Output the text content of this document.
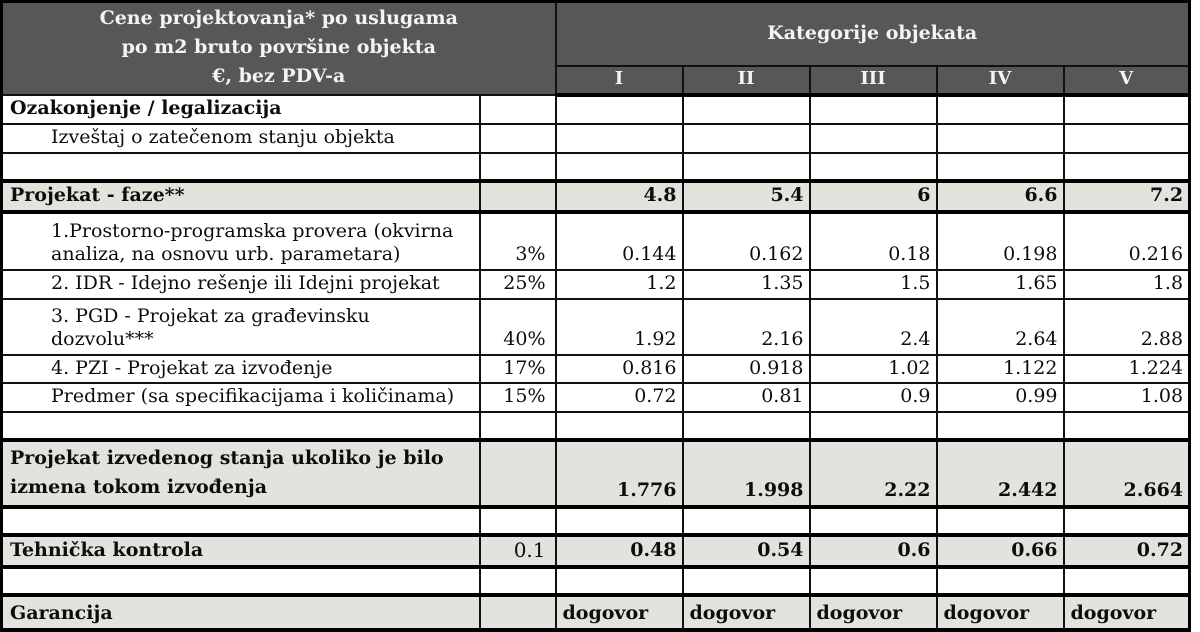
Cene projektovanja* po uslugama
po m2 bruto površine objekta
€, bez PDV-a		Kategorije objekata				
		I	II	III	IV	V
Ozakonjenje / legalizacija						
Izveštaj o zatečenom stanju objekta						

Projekat - faze**		4.8	5.4	6	6.6	7.2
1.Prostorno-programska provera (okvirna analiza, na osnovu urb. parametara)	3%	0.144	0.162	0.18	0.198	0.216
2. IDR - Idejno rešenje ili Idejni projekat	25%	1.2	1.35	1.5	1.65	1.8
3. PGD - Projekat za građevinsku dozvolu***	40%	1.92	2.16	2.4	2.64	2.88
4. PZI - Projekat za izvođenje	17%	0.816	0.918	1.02	1.122	1.224
Predmer (sa specifikacijama i količinama)	15%	0.72	0.81	0.9	0.99	1.08

Projekat izvedenog stanja ukoliko je bilo izmena tokom izvođenja		1.776	1.998	2.22	2.442	2.664

Tehnička kontrola	0.1	0.48	0.54	0.6	0.66	0.72

Garancija		dogovor	dogovor	dogovor	dogovor	dogovor
